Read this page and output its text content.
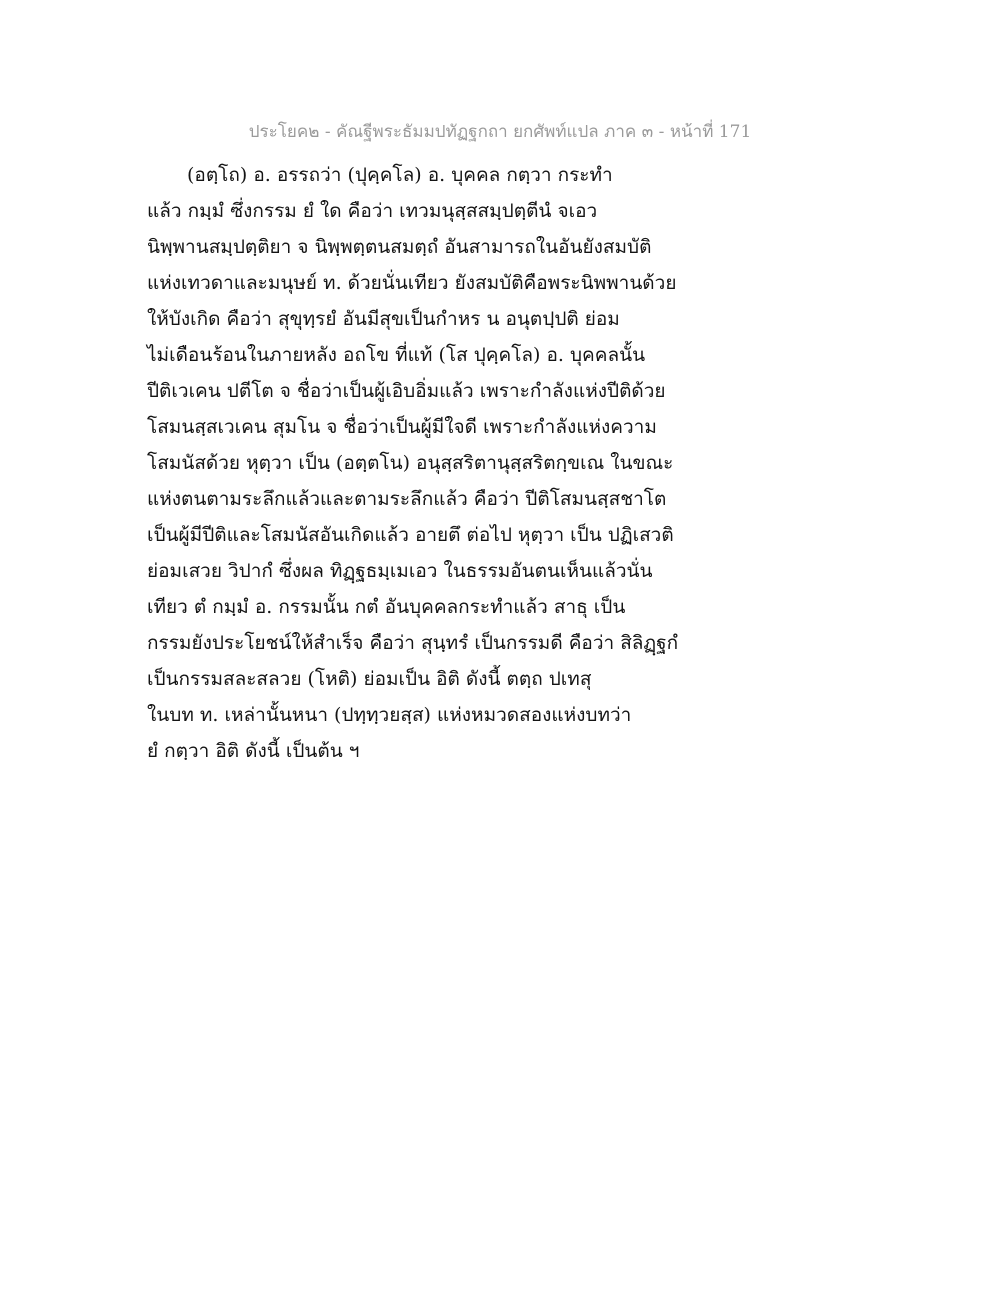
ประโยค๒ - คัณฐีพระธัมมปทัฏฐกถา ยกศัพท์แปล ภาค ๓ - หน้าที่ 171
(อตฺโถ) อ. อรรถว่า (ปุคฺคโล) อ. บุคคล กตฺวา กระทำ
แล้ว กมฺมํ ซึ่งกรรม ยํ ใด คือว่า เทวมนุสฺสสมฺปตฺตีนํ จเอว
นิพฺพานสมฺปตฺติยา จ นิพฺพตฺตนสมตฺถํ อันสามารถในอันยังสมบัติ
แห่งเทวดาและมนุษย์ ท. ด้วยนั่นเทียว ยังสมบัติคือพระนิพพานด้วย
ให้บังเกิด คือว่า สุขุทฺรยํ อันมีสุขเป็นกำหร น อนุตปฺปติ ย่อม
ไม่เดือนร้อนในภายหลัง อถโข ที่แท้ (โส ปุคฺคโล) อ. บุคคลนั้น
ปีติเวเคน ปตีโต จ ชื่อว่าเป็นผู้เอิบอิ่มแล้ว เพราะกำลังแห่งปีติด้วย
โสมนสฺสเวเคน สุมโน จ ชื่อว่าเป็นผู้มีใจดี เพราะกำลังแห่งความ
โสมนัสด้วย หุตฺวา เป็น (อตฺตโน) อนุสฺสริตานุสฺสริตกฺขเณ ในขณะ
แห่งตนตามระลึกแล้วและตามระลึกแล้ว คือว่า ปีติโสมนสฺสชาโต
เป็นผู้มีปีติและโสมนัสอันเกิดแล้ว อายตึ ต่อไป หุตฺวา เป็น ปฏิเสวติ
ย่อมเสวย วิปากํ ซึ่งผล ทิฏฺฐธมฺเมเอว ในธรรมอันตนเห็นแล้วนั่น
เทียว ตํ กมฺมํ อ. กรรมนั้น กตํ อันบุคคลกระทำแล้ว สาธุ เป็น
กรรมยังประโยชน์ให้สำเร็จ คือว่า สุนฺทรํ เป็นกรรมดี คือว่า สิลิฏฺฐกํ
เป็นกรรมสละสลวย (โหติ) ย่อมเป็น อิติ ดังนี้ ตตฺถ ปเทสุ
ในบท ท. เหล่านั้นหนา (ปทฺทฺวยสฺส) แห่งหมวดสองแห่งบทว่า
ยํ กตฺวา อิติ ดังนี้ เป็นต้น ฯ
